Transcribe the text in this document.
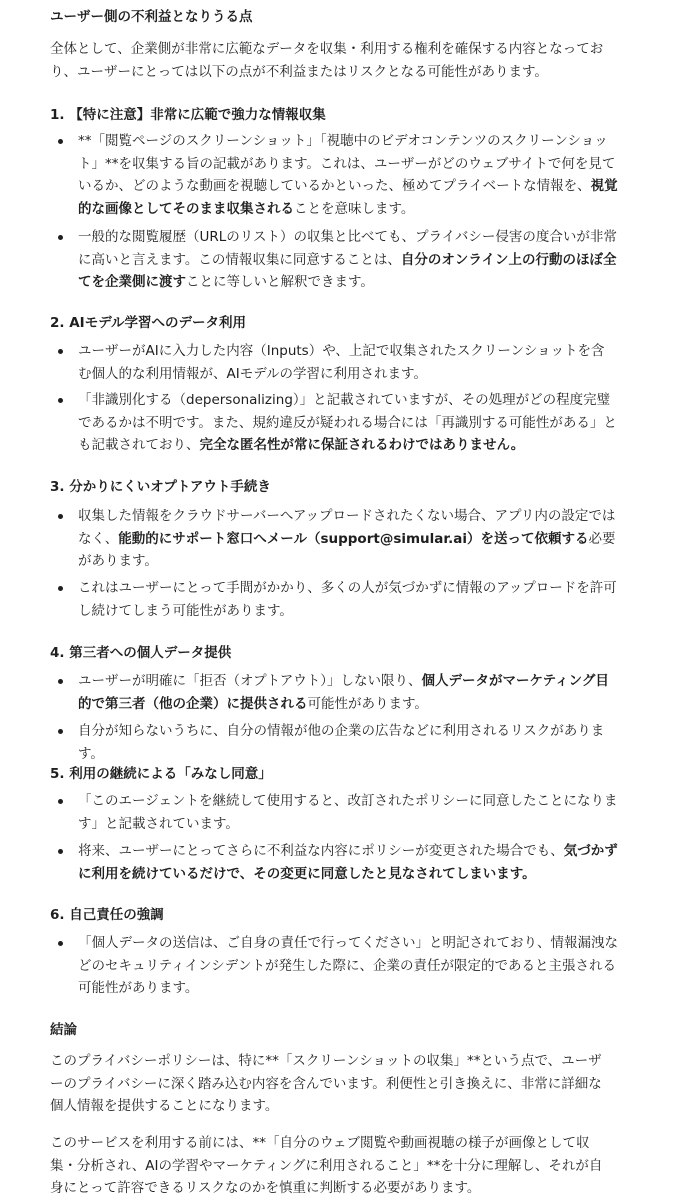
ユーザー側の不利益となりうる点

全体として、企業側が非常に広範なデータを収集・利用する権利を確保する内容となっており、ユーザーにとっては以下の点が不利益またはリスクとなる可能性があります。

1. 【特に注意】非常に広範で強力な情報収集
**「閲覧ページのスクリーンショット」「視聴中のビデオコンテンツのスクリーンショット」**を収集する旨の記載があります。これは、ユーザーがどのウェブサイトで何を見ているか、どのような動画を視聴しているかといった、極めてプライベートな情報を、視覚的な画像としてそのまま収集されることを意味します。
一般的な閲覧履歴（URLのリスト）の収集と比べても、プライバシー侵害の度合いが非常に高いと言えます。この情報収集に同意することは、自分のオンライン上の行動のほぼ全てを企業側に渡すことに等しいと解釈できます。
2. AIモデル学習へのデータ利用
ユーザーがAIに入力した内容（Inputs）や、上記で収集されたスクリーンショットを含む個人的な利用情報が、AIモデルの学習に利用されます。
「非識別化する（depersonalizing）」と記載されていますが、その処理がどの程度完璧であるかは不明です。また、規約違反が疑われる場合には「再識別する可能性がある」とも記載されており、完全な匿名性が常に保証されるわけではありません。
3. 分かりにくいオプトアウト手続き
収集した情報をクラウドサーバーへアップロードされたくない場合、アプリ内の設定ではなく、能動的にサポート窓口へメール（support@simular.ai）を送って依頼する必要があります。
これはユーザーにとって手間がかかり、多くの人が気づかずに情報のアップロードを許可し続けてしまう可能性があります。
4. 第三者への個人データ提供
ユーザーが明確に「拒否（オプトアウト）」しない限り、個人データがマーケティング目的で第三者（他の企業）に提供される可能性があります。
自分が知らないうちに、自分の情報が他の企業の広告などに利用されるリスクがあります。
5. 利用の継続による「みなし同意」
「このエージェントを継続して使用すると、改訂されたポリシーに同意したことになります」と記載されています。
将来、ユーザーにとってさらに不利益な内容にポリシーが変更された場合でも、気づかずに利用を続けているだけで、その変更に同意したと見なされてしまいます。
6. 自己責任の強調
「個人データの送信は、ご自身の責任で行ってください」と明記されており、情報漏洩などのセキュリティインシデントが発生した際に、企業の責任が限定的であると主張される可能性があります。
結論

このプライバシーポリシーは、特に**「スクリーンショットの収集」**という点で、ユーザーのプライバシーに深く踏み込む内容を含んでいます。利便性と引き換えに、非常に詳細な個人情報を提供することになります。

このサービスを利用する前には、**「自分のウェブ閲覧や動画視聴の様子が画像として収集・分析され、AIの学習やマーケティングに利用されること」**を十分に理解し、それが自身にとって許容できるリスクなのかを慎重に判断する必要があります。
